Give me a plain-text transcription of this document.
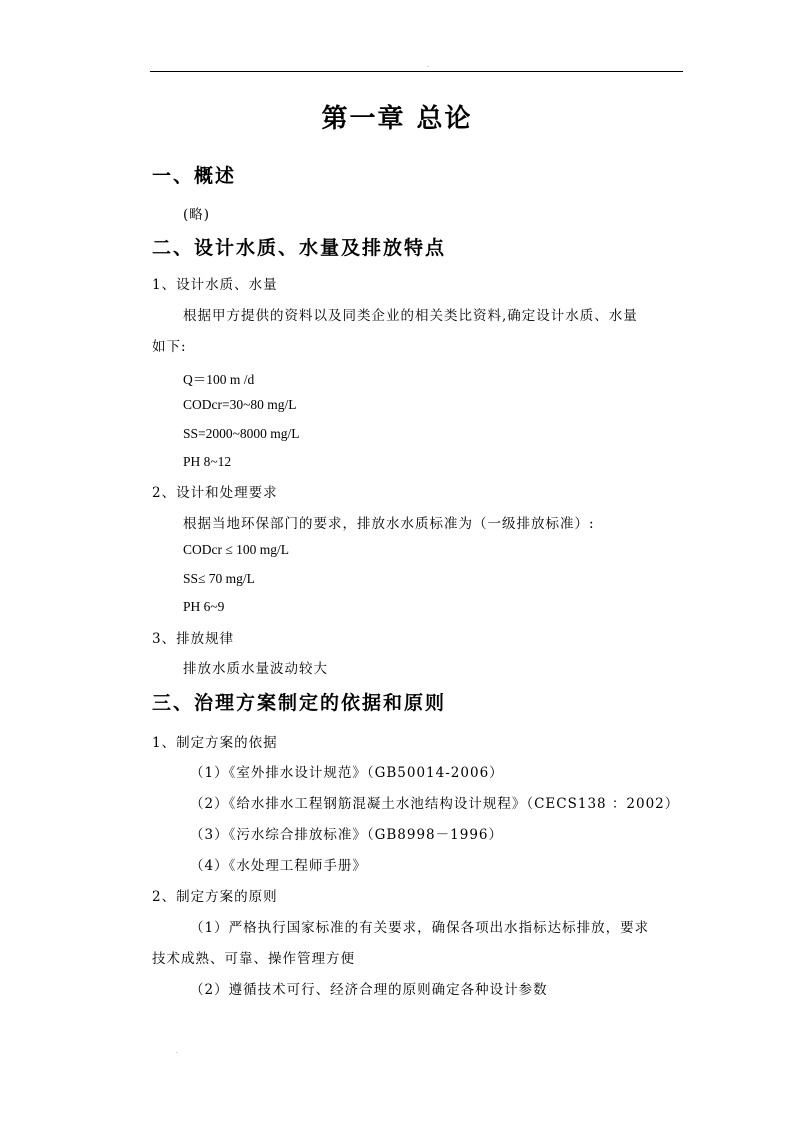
.
第一章 总论
一、概述
(略)
二、设计水质、水量及排放特点
1、设计水质、水量
根据甲方提供的资料以及同类企业的相关类比资料,确定设计水质、水量
如下:
Q＝100 m /d
CODcr=30~80 mg/L
SS=2000~8000 mg/L
PH 8~12
2、设计和处理要求
根据当地环保部门的要求，排放水水质标准为（一级排放标准）:
CODcr ≤ 100 mg/L
SS≤ 70 mg/L
PH 6~9
3、排放规律
排放水质水量波动较大
三、治理方案制定的依据和原则
1、制定方案的依据
（1）《室外排水设计规范》（GB50014-2006）
（2）《给水排水工程钢筋混凝土水池结构设计规程》（CECS138 ：2002）
（3）《污水综合排放标准》（GB8998－1996）
（4）《水处理工程师手册》
2、制定方案的原则
（1）严格执行国家标准的有关要求，确保各项出水指标达标排放，要求
技术成熟、可靠、操作管理方便
（2）遵循技术可行、经济合理的原则确定各种设计参数
.
